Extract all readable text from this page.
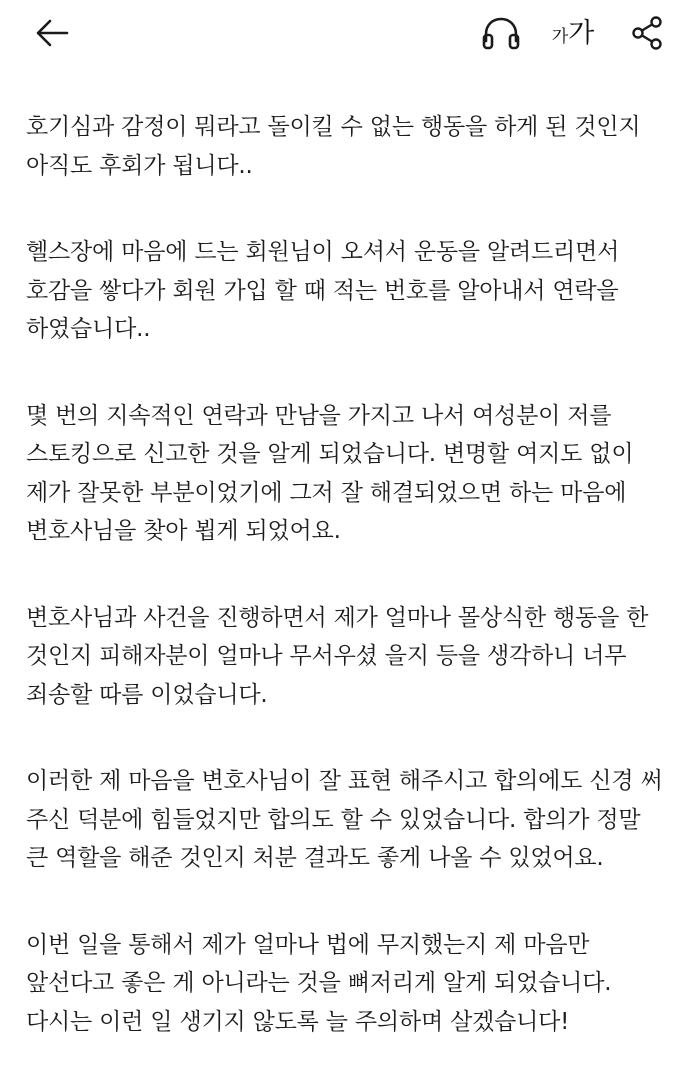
가 가
호기심과 감정이 뭐라고 돌이킬 수 없는 행동을 하게 된 것인지
아직도 후회가 됩니다..
헬스장에 마음에 드는 회원님이 오셔서 운동을 알려드리면서
호감을 쌓다가 회원 가입 할 때 적는 번호를 알아내서 연락을
하였습니다..
몇 번의 지속적인 연락과 만남을 가지고 나서 여성분이 저를
스토킹으로 신고한 것을 알게 되었습니다. 변명할 여지도 없이
제가 잘못한 부분이었기에 그저 잘 해결되었으면 하는 마음에
변호사님을 찾아 뵙게 되었어요.
변호사님과 사건을 진행하면서 제가 얼마나 몰상식한 행동을 한
것인지 피해자분이 얼마나 무서우셨 을지 등을 생각하니 너무
죄송할 따름 이었습니다.
이러한 제 마음을 변호사님이 잘 표현 해주시고 합의에도 신경 써
주신 덕분에 힘들었지만 합의도 할 수 있었습니다. 합의가 정말
큰 역할을 해준 것인지 처분 결과도 좋게 나올 수 있었어요.
이번 일을 통해서 제가 얼마나 법에 무지했는지 제 마음만
앞선다고 좋은 게 아니라는 것을 뼈저리게 알게 되었습니다.
다시는 이런 일 생기지 않도록 늘 주의하며 살겠습니다!
